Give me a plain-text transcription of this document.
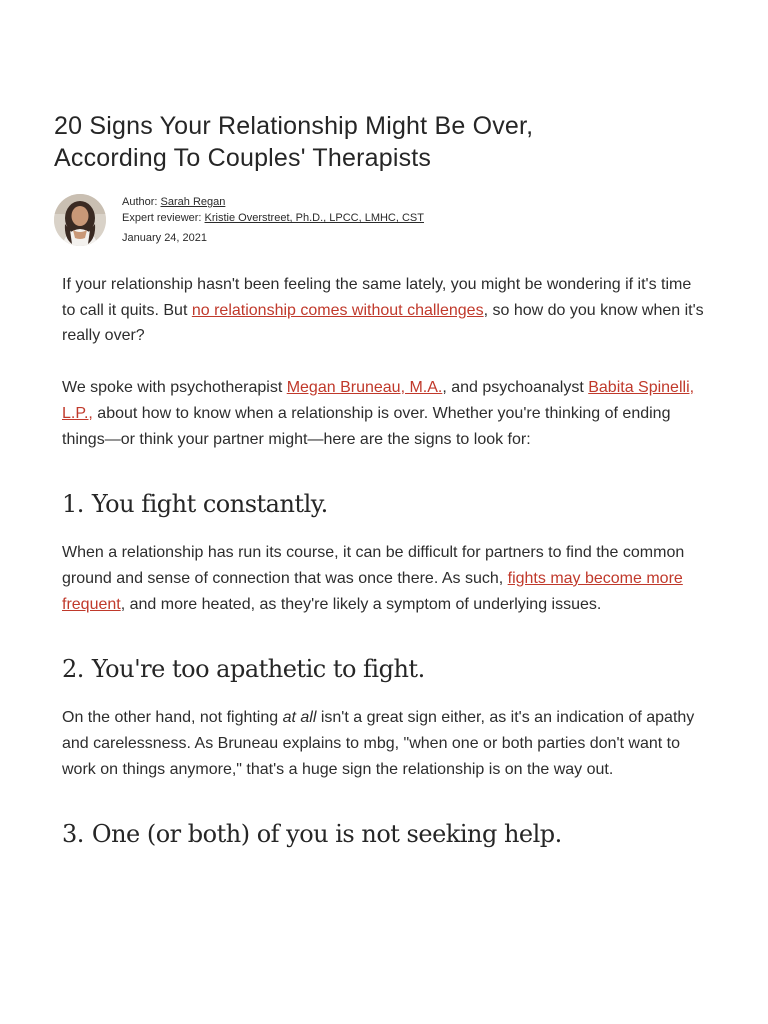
20 Signs Your Relationship Might Be Over,
According To Couples' Therapists
Author: Sarah Regan
Expert reviewer: Kristie Overstreet, Ph.D., LPCC, LMHC, CST
January 24, 2021

If your relationship hasn't been feeling the same lately, you might be wondering if it's time to call it quits. But no relationship comes without challenges, so how do you know when it's really over?

We spoke with psychotherapist Megan Bruneau, M.A., and psychoanalyst Babita Spinelli, L.P., about how to know when a relationship is over. Whether you're thinking of ending things—or think your partner might—here are the signs to look for:

1. You fight constantly.

When a relationship has run its course, it can be difficult for partners to find the common ground and sense of connection that was once there. As such, fights may become more frequent, and more heated, as they're likely a symptom of underlying issues.

2. You're too apathetic to fight.

On the other hand, not fighting at all isn't a great sign either, as it's an indication of apathy and carelessness. As Bruneau explains to mbg, "when one or both parties don't want to work on things anymore," that's a huge sign the relationship is on the way out.

3. One (or both) of you is not seeking help.
